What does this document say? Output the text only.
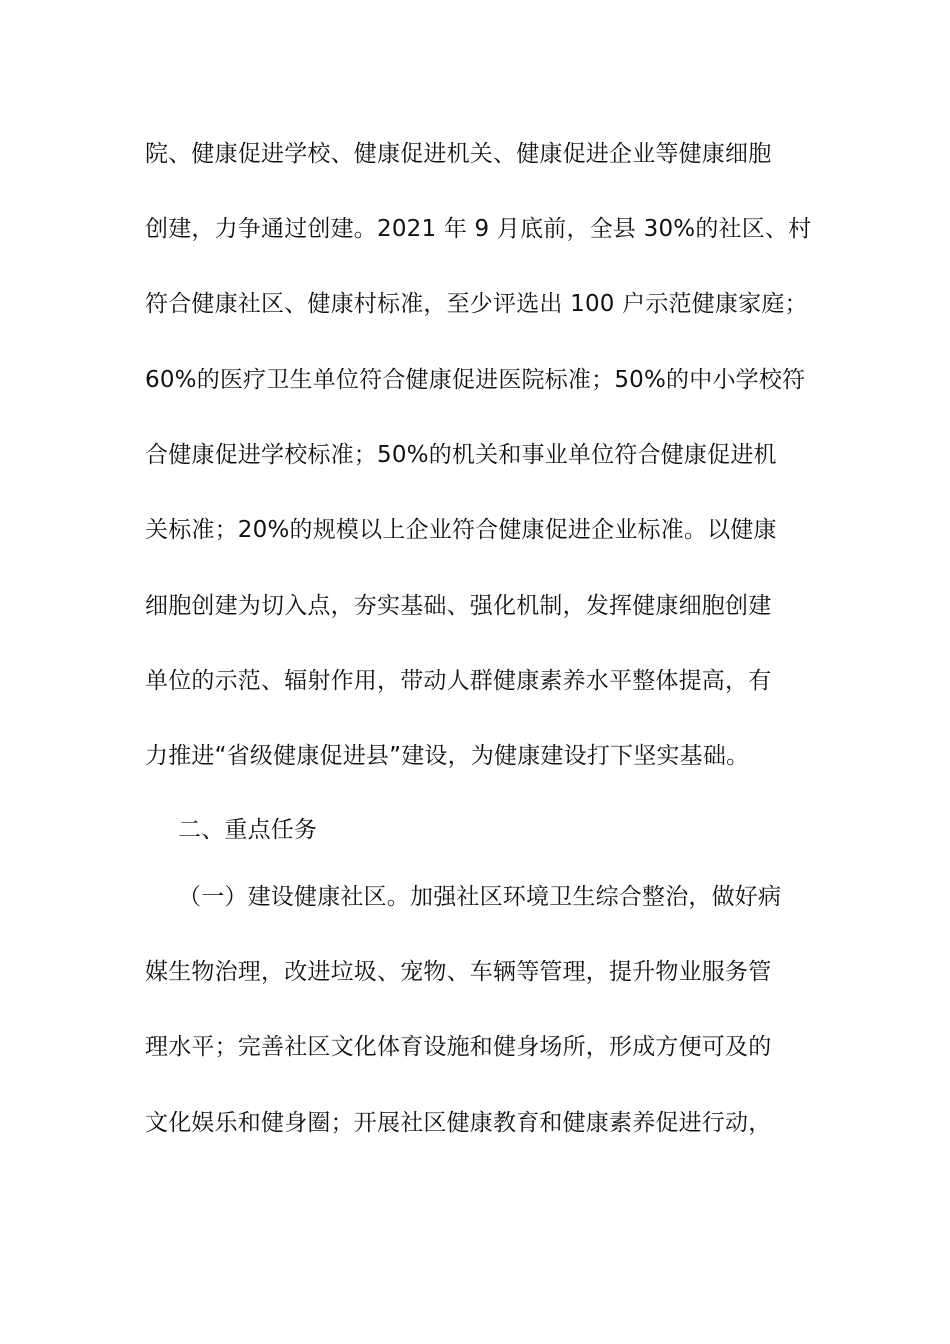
院、健康促进学校、健康促进机关、健康促进企业等健康细胞
创建，力争通过创建。2021 年 9 月底前，全县 30%的社区、村
符合健康社区、健康村标准，至少评选出 100 户示范健康家庭；
60%的医疗卫生单位符合健康促进医院标准；50%的中小学校符
合健康促进学校标准；50%的机关和事业单位符合健康促进机
关标准；20%的规模以上企业符合健康促进企业标准。以健康
细胞创建为切入点，夯实基础、强化机制，发挥健康细胞创建
单位的示范、辐射作用，带动人群健康素养水平整体提高，有
力推进“省级健康促进县”建设，为健康建设打下坚实基础。
二、重点任务
（一）建设健康社区。加强社区环境卫生综合整治，做好病
媒生物治理，改进垃圾、宠物、车辆等管理，提升物业服务管
理水平；完善社区文化体育设施和健身场所，形成方便可及的
文化娱乐和健身圈；开展社区健康教育和健康素养促进行动，
